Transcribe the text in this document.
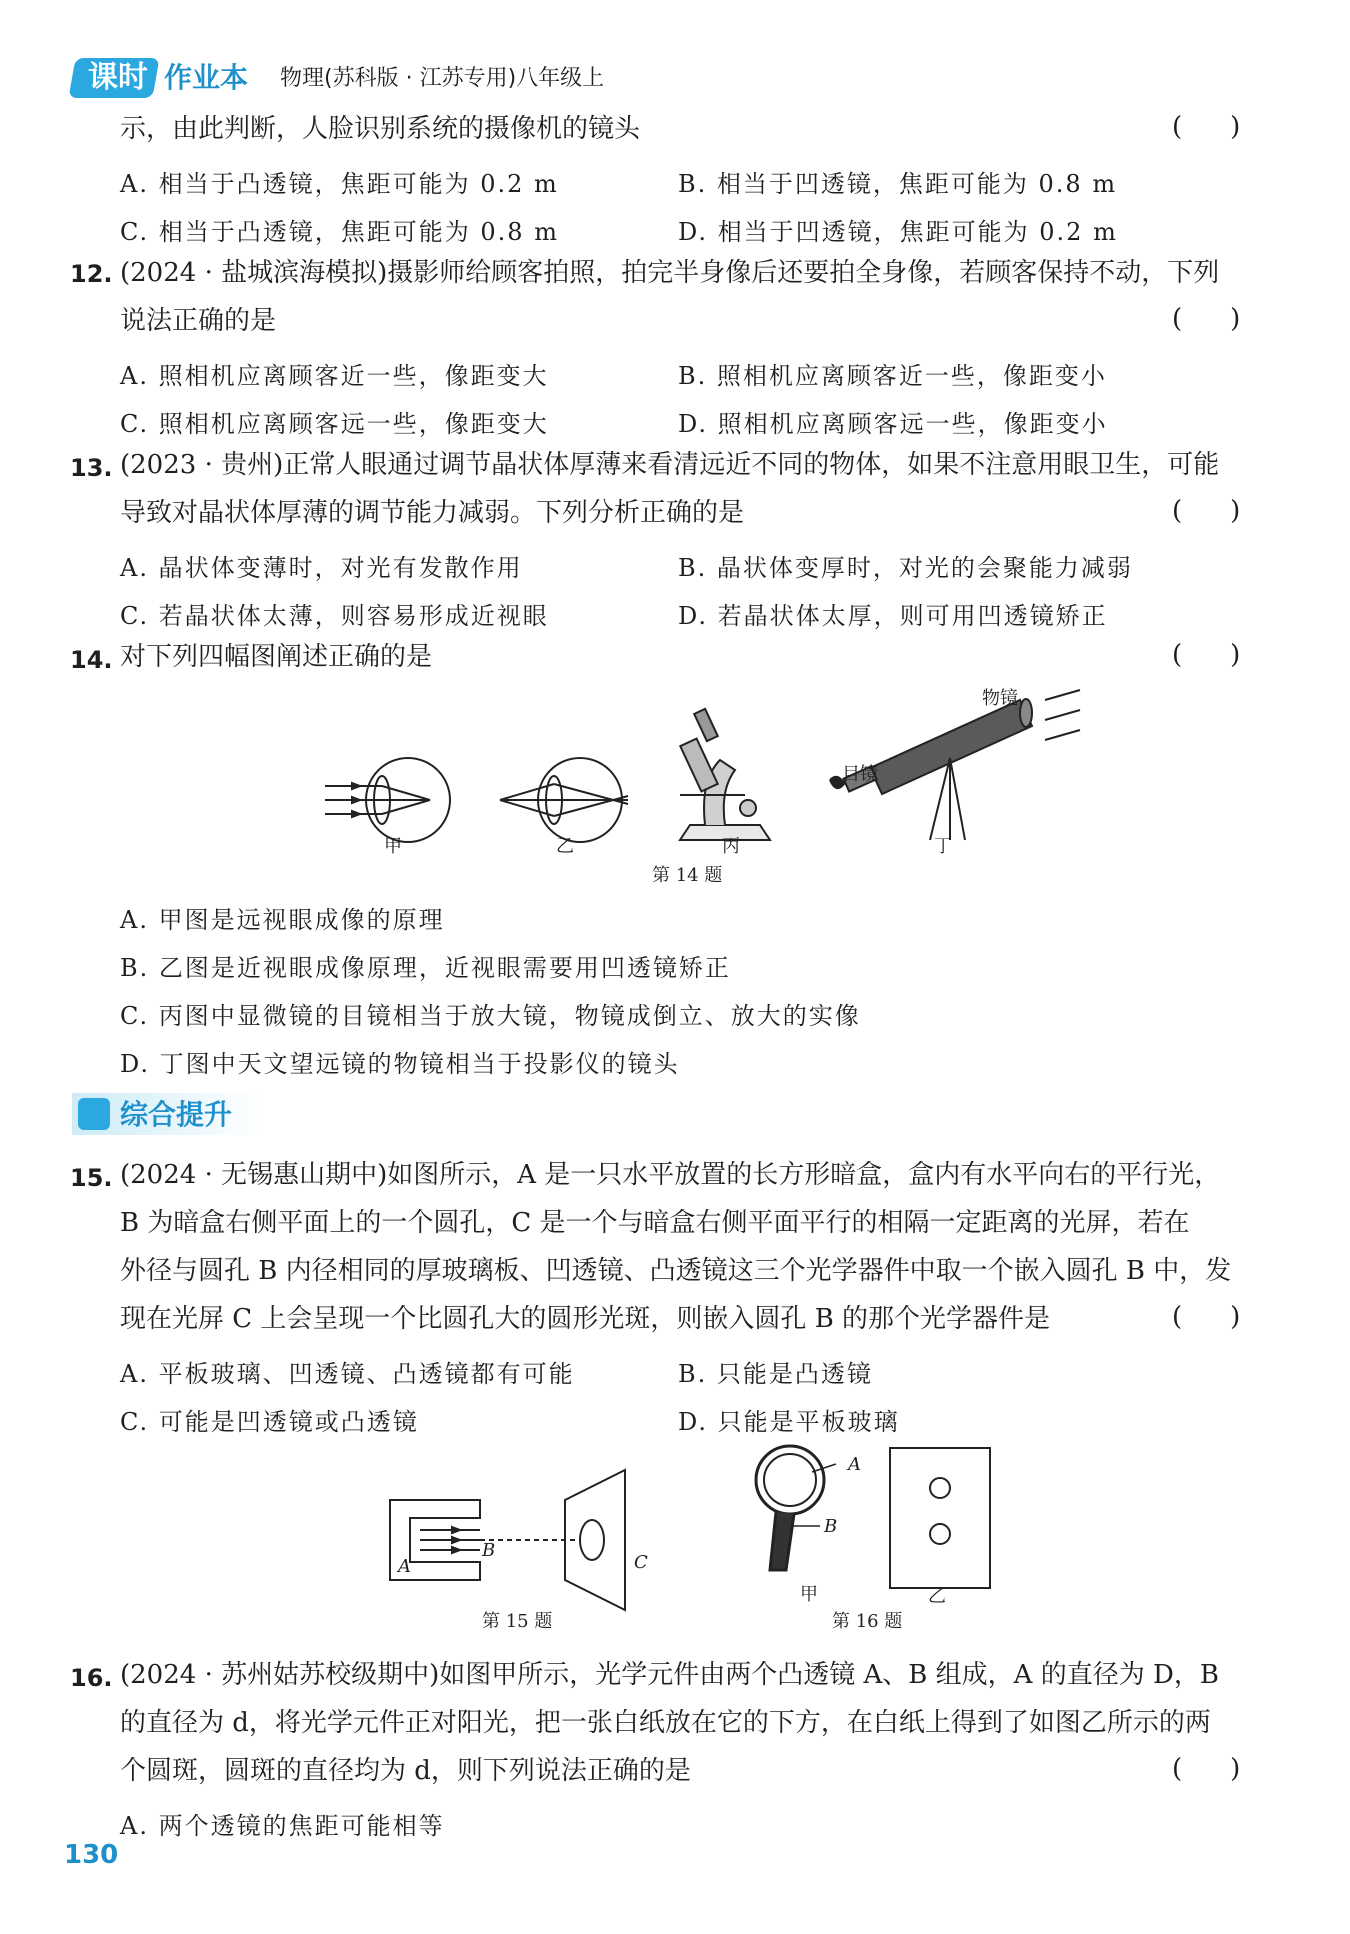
课时 作业本 物理(苏科版 · 江苏专用)八年级上
示，由此判断，人脸识别系统的摄像机的镜头	()
A. 相当于凸透镜，焦距可能为 0.2 m	B. 相当于凹透镜，焦距可能为 0.8 m
C. 相当于凸透镜，焦距可能为 0.8 m	D. 相当于凹透镜，焦距可能为 0.2 m
12. (2024 · 盐城滨海模拟)摄影师给顾客拍照，拍完半身像后还要拍全身像，若顾客保持不动，下列
说法正确的是	()
A. 照相机应离顾客近一些，像距变大	B. 照相机应离顾客近一些，像距变小
C. 照相机应离顾客远一些，像距变大	D. 照相机应离顾客远一些，像距变小
13. (2023 · 贵州)正常人眼通过调节晶状体厚薄来看清远近不同的物体，如果不注意用眼卫生，可能
导致对晶状体厚薄的调节能力减弱。下列分析正确的是	()
A. 晶状体变薄时，对光有发散作用	B. 晶状体变厚时，对光的会聚能力减弱
C. 若晶状体太薄，则容易形成近视眼	D. 若晶状体太厚，则可用凹透镜矫正
14. 对下列四幅图阐述正确的是	()
甲	乙	丙	丁
物镜
目镜
第 14 题
A. 甲图是远视眼成像的原理
B. 乙图是近视眼成像原理，近视眼需要用凹透镜矫正
C. 丙图中显微镜的目镜相当于放大镜，物镜成倒立、放大的实像
D. 丁图中天文望远镜的物镜相当于投影仪的镜头
综合提升
15. (2024 · 无锡惠山期中)如图所示，A 是一只水平放置的长方形暗盒，盒内有水平向右的平行光，
B 为暗盒右侧平面上的一个圆孔，C 是一个与暗盒右侧平面平行的相隔一定距离的光屏，若在
外径与圆孔 B 内径相同的厚玻璃板、凹透镜、凸透镜这三个光学器件中取一个嵌入圆孔 B 中，发
现在光屏 C 上会呈现一个比圆孔大的圆形光斑，则嵌入圆孔 B 的那个光学器件是	()
A. 平板玻璃、凹透镜、凸透镜都有可能	B. 只能是凸透镜
C. 可能是凹透镜或凸透镜	D. 只能是平板玻璃
A
B
C
第 15 题
A
B
甲	乙
第 16 题
16. (2024 · 苏州姑苏校级期中)如图甲所示，光学元件由两个凸透镜 A、B 组成，A 的直径为 D，B
的直径为 d，将光学元件正对阳光，把一张白纸放在它的下方，在白纸上得到了如图乙所示的两
个圆斑，圆斑的直径均为 d，则下列说法正确的是	()
A. 两个透镜的焦距可能相等
130
